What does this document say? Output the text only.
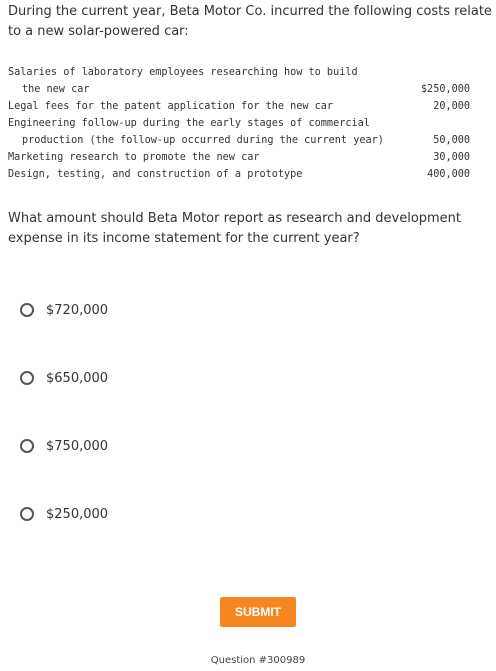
During the current year, Beta Motor Co. incurred the following costs relate
to a new solar-powered car:
Salaries of laboratory employees researching how to build
the new car	$250,000
Legal fees for the patent application for the new car	20,000
Engineering follow-up during the early stages of commercial
production (the follow-up occurred during the current year)	50,000
Marketing research to promote the new car	30,000
Design, testing, and construction of a prototype	400,000
What amount should Beta Motor report as research and development
expense in its income statement for the current year?
$720,000
$650,000
$750,000
$250,000
SUBMIT
Question #300989
